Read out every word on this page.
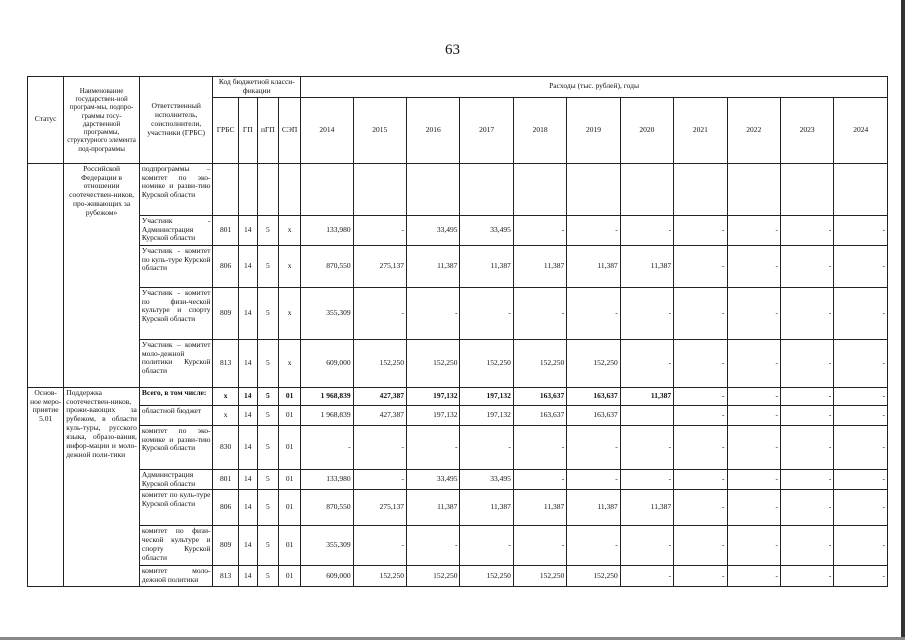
63
Статус	Наименование государствен-ной програм-мы, подпро-граммы госу-дарственной программы, структурного элемента под-программы	Ответственный исполнитель, соисполнители, участники (ГРБС)	Код бюджетной класси-фикации				Расходы (тыс. рублей), годы										
			ГРБС	ГП	пГП	СЭП	2014	2015	2016	2017	2018	2019	2020	2021	2022	2023	2024
	Российской Федерации в отношении соотечествен-ников, про-живающих за рубежом»	подпрограммы – комитет по эко-номике и разви-тию Курской области															
		Участник - Администрация Курской области	801	14	5	х	133,980	-	33,495	33,495	-	-	-	-	-	-	-
		Участник - комитет по куль-туре Курской области	806	14	5	х	870,550	275,137	11,387	11,387	11,387	11,387	11,387	-	-	-	-
		Участник - комитет по физи-ческой культуре и спорту Курской области	809	14	5	х	355,309	-	-	-	-	-	-	-	-	-	-
		Участник – комитет моло-дежной политики Курской области	813	14	5	х	609,000	152,250	152,250	152,250	152,250	152,250	-	-	-	-	-
Основ-ное меро-приятие 5.01	Поддержка соотечествен-ников, прожи-вающих за рубежом, в области куль-туры, русского языка, образо-вания, инфор-мации и моло-дежной поли-тики	Всего, в том числе:	х	14	5	01	1 968,839	427,387	197,132	197,132	163,637	163,637	11,387	-	-	-	-
		областной бюджет	х	14	5	01	1 968,839	427,387	197,132	197,132	163,637	163,637		-	-	-	-
		комитет по эко-номике и разви-тию Курской области	830	14	5	01	-	-	-	-	-	-	-	-	-	-	-
		Администрация Курской области	801	14	5	01	133,980	-	33,495	33,495	-	-	-	-	-	-	-
		комитет по куль-туре Курской области	806	14	5	01	870,550	275,137	11,387	11,387	11,387	11,387	11,387	-	-	-	-
		комитет по физи-ческой культуре и спорту Курской области	809	14	5	01	355,309	-	-	-	-	-	-	-	-	-	-
		комитет моло-дежной политики	813	14	5	01	609,000	152,250	152,250	152,250	152,250	152,250	-	-	-	-	-
